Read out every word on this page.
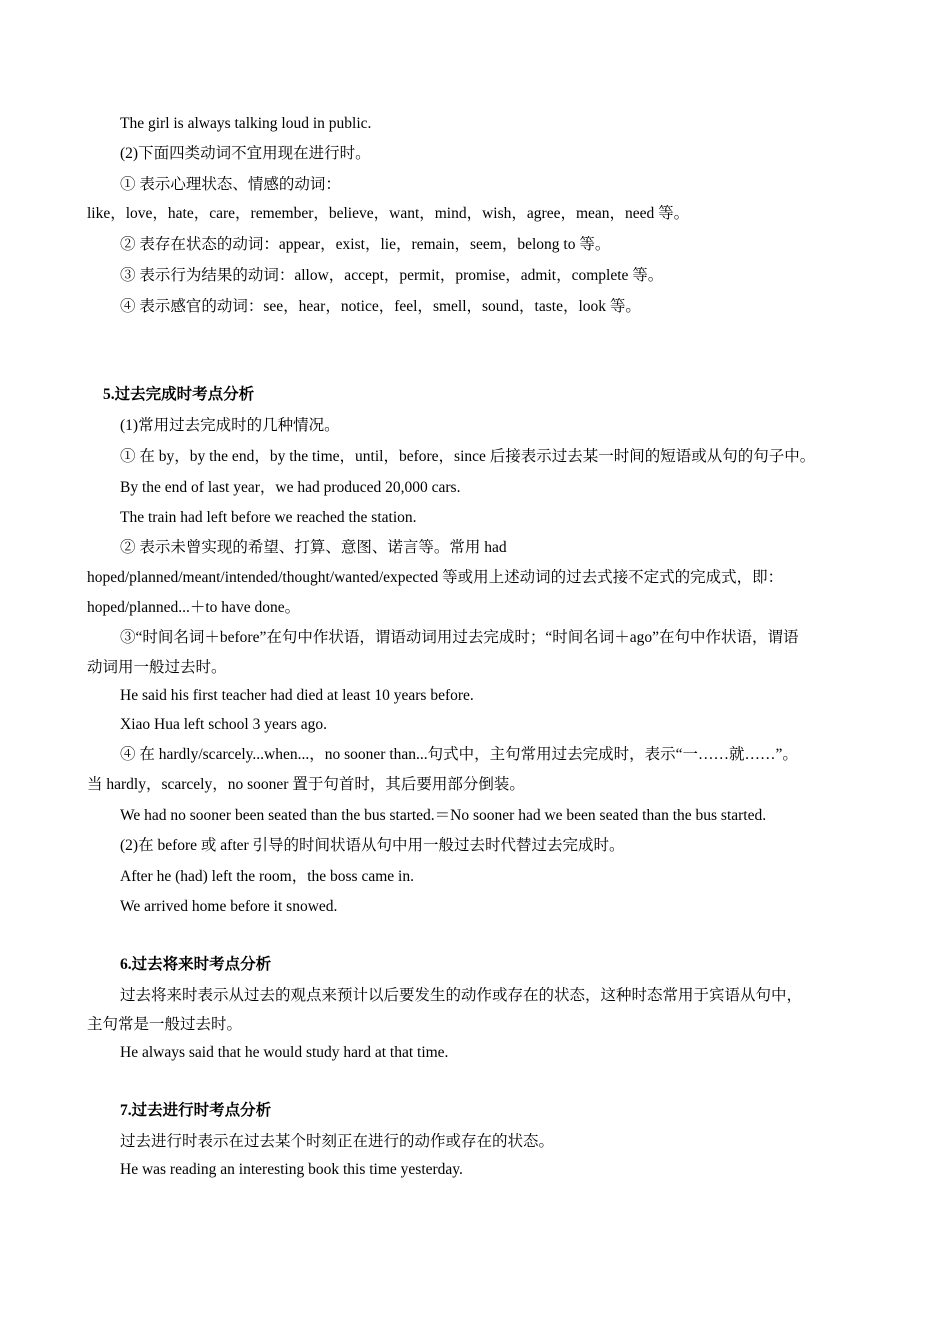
The girl is always talking loud in public.
(2)下面四类动词不宜用现在进行时。
① 表示心理状态、情感的动词：
like，love，hate，care，remember，believe，want，mind，wish，agree，mean，need 等。
② 表存在状态的动词：appear，exist，lie，remain，seem，belong to 等。
③ 表示行为结果的动词：allow，accept，permit，promise，admit，complete 等。
④ 表示感官的动词：see，hear，notice，feel，smell，sound，taste，look 等。
5.过去完成时考点分析
(1)常用过去完成时的几种情况。
① 在 by，by the end，by the time，until，before，since 后接表示过去某一时间的短语或从句的句子中。
By the end of last year，we had produced 20,000 cars.
The train had left before we reached the station.
② 表示未曾实现的希望、打算、意图、诺言等。常用 had
hoped/planned/meant/intended/thought/wanted/expected 等或用上述动词的过去式接不定式的完成式，即：
hoped/planned...＋to have done。
③“时间名词＋before”在句中作状语，谓语动词用过去完成时；“时间名词＋ago”在句中作状语，谓语
动词用一般过去时。
He said his first teacher had died at least 10 years before.
Xiao Hua left school 3 years ago.
④ 在 hardly/scarcely...when...，no sooner than...句式中，主句常用过去完成时，表示“一……就……”。
当 hardly，scarcely，no sooner 置于句首时，其后要用部分倒装。
We had no sooner been seated than the bus started.＝No sooner had we been seated than the bus started.
(2)在 before 或 after 引导的时间状语从句中用一般过去时代替过去完成时。
After he (had) left the room，the boss came in.
We arrived home before it snowed.
6.过去将来时考点分析
过去将来时表示从过去的观点来预计以后要发生的动作或存在的状态，这种时态常用于宾语从句中，
主句常是一般过去时。
He always said that he would study hard at that time.
7.过去进行时考点分析
过去进行时表示在过去某个时刻正在进行的动作或存在的状态。
He was reading an interesting book this time yesterday.
